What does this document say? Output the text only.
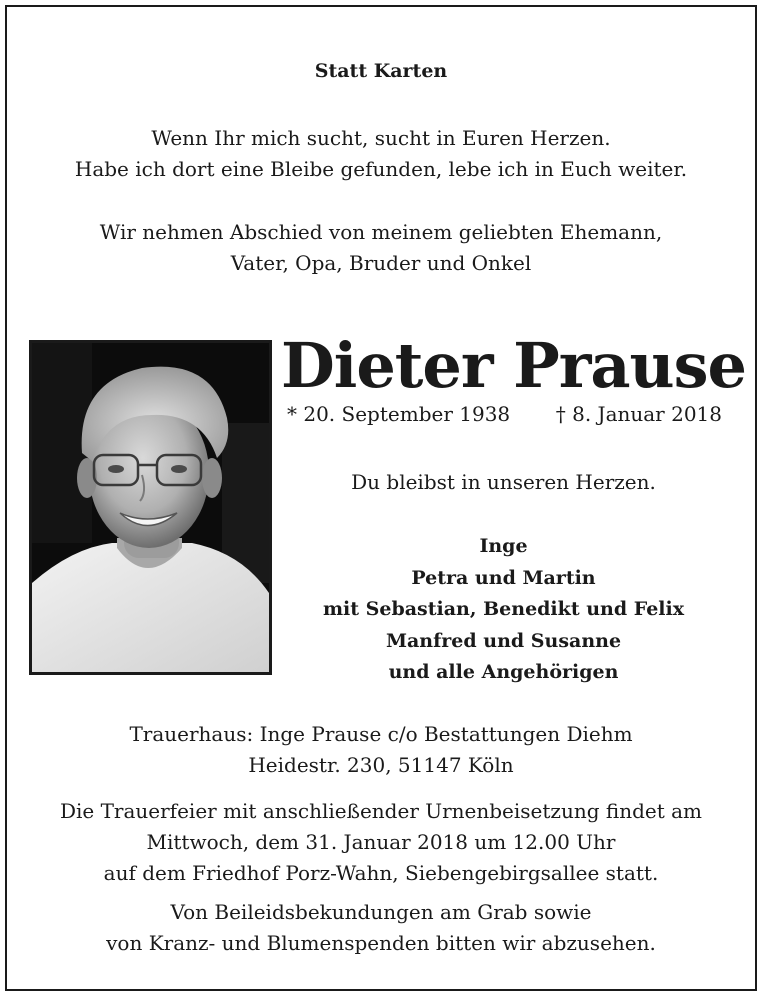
Statt Karten
Wenn Ihr mich sucht, sucht in Euren Herzen.
Habe ich dort eine Bleibe gefunden, lebe ich in Euch weiter.
Wir nehmen Abschied von meinem geliebten Ehemann,
Vater, Opa, Bruder und Onkel
Dieter Prause
* 20. September 1938 † 8. Januar 2018
Du bleibst in unseren Herzen.
Inge
Petra und Martin
mit Sebastian, Benedikt und Felix
Manfred und Susanne
und alle Angehörigen
Trauerhaus: Inge Prause c/o Bestattungen Diehm
Heidestr. 230, 51147 Köln
Die Trauerfeier mit anschließender Urnenbeisetzung findet am
Mittwoch, dem 31. Januar 2018 um 12.00 Uhr
auf dem Friedhof Porz-Wahn, Siebengebirgsallee statt.
Von Beileidsbekundungen am Grab sowie
von Kranz- und Blumenspenden bitten wir abzusehen.
